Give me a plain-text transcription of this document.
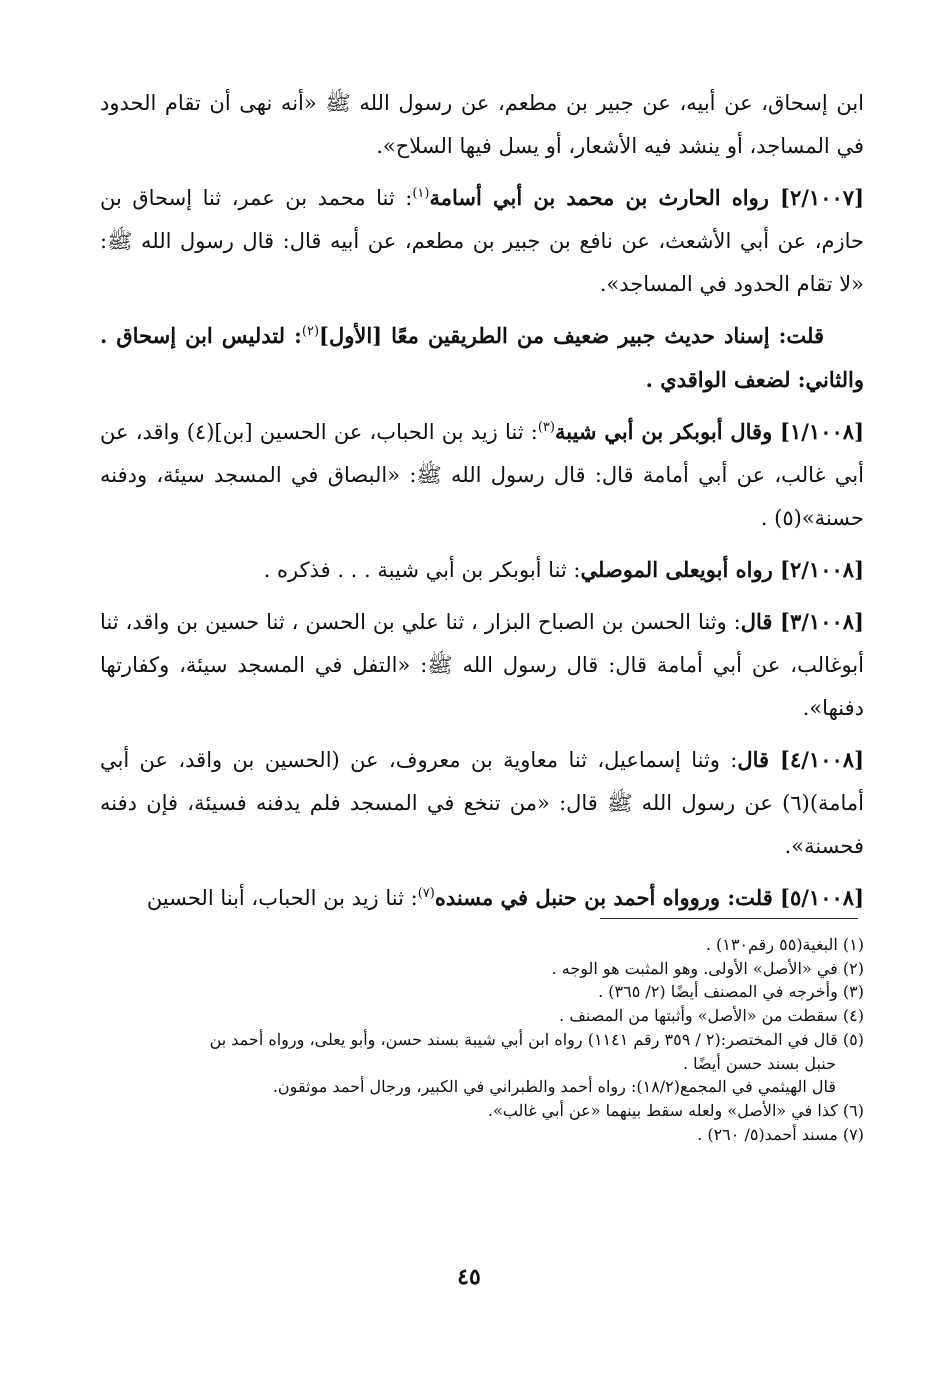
ابن إسحاق، عن أبيه، عن جبير بن مطعم، عن رسول الله ﷺ «أنه نهى أن تقام الحدود في المساجد، أو ينشد فيه الأشعار، أو يسل فيها السلاح».

[٢/١٠٠٧] رواه الحارث بن محمد بن أبي أسامة$^{(١)}$: ثنا محمد بن عمر، ثنا إسحاق بن حازم، عن أبي الأشعث، عن نافع بن جبير بن مطعم، عن أبيه قال: قال رسول الله ﷺ: «لا تقام الحدود في المساجد».

قلت: إسناد حديث جبير ضعيف من الطريقين معًا [الأول]$^{(٢)}$: لتدليس ابن إسحاق . والثاني: لضعف الواقدي .

[١/١٠٠٨] وقال أبوبكر بن أبي شيبة$^{(٣)}$: ثنا زيد بن الحباب، عن الحسين [بن](٤) واقد، عن أبي غالب، عن أبي أمامة قال: قال رسول الله ﷺ: «البصاق في المسجد سيئة، ودفنه حسنة»(٥) .

[٢/١٠٠٨] رواه أبويعلى الموصلي: ثنا أبوبكر بن أبي شيبة . . . فذكره .

[٣/١٠٠٨] قال: وثنا الحسن بن الصباح البزار ، ثنا علي بن الحسن ، ثنا حسين بن واقد، ثنا أبوغالب، عن أبي أمامة قال: قال رسول الله ﷺ: «التفل في المسجد سيئة، وكفارتها دفنها».

[٤/١٠٠٨] قال: وثنا إسماعيل، ثنا معاوية بن معروف، عن (الحسين بن واقد، عن أبي أمامة)(٦) عن رسول الله ﷺ قال: «من تنخع في المسجد فلم يدفنه فسيئة، فإن دفنه فحسنة».

[٥/١٠٠٨] قلت: وروواه أحمد بن حنبل في مسنده$^{(٧)}$: ثنا زيد بن الحباب، أبنا الحسين

(١) البغية(٥٥ رقم١٣٠) .

(٢) في «الأصل» الأولى. وهو المثبت هو الوجه .

(٣) وأخرجه في المصنف أيضًا (٢/ ٣٦٥) .

(٤) سقطت من «الأصل» وأثبتها من المصنف .

(٥) قال في المختصر:(٢ / ٣٥٩ رقم ١١٤١) رواه ابن أبي شيبة بسند حسن، وأبو يعلى، ورواه أحمد بن
حنبل بسند حسن أيضًا .

قال الهيثمي في المجمع(١٨/٢): رواه أحمد والطبراني في الكبير، ورجال أحمد موثقون.

(٦) كذا في «الأصل» ولعله سقط بينهما «عن أبي غالب».

(٧) مسند أحمد(٥/ ٢٦٠) .

٤٥
